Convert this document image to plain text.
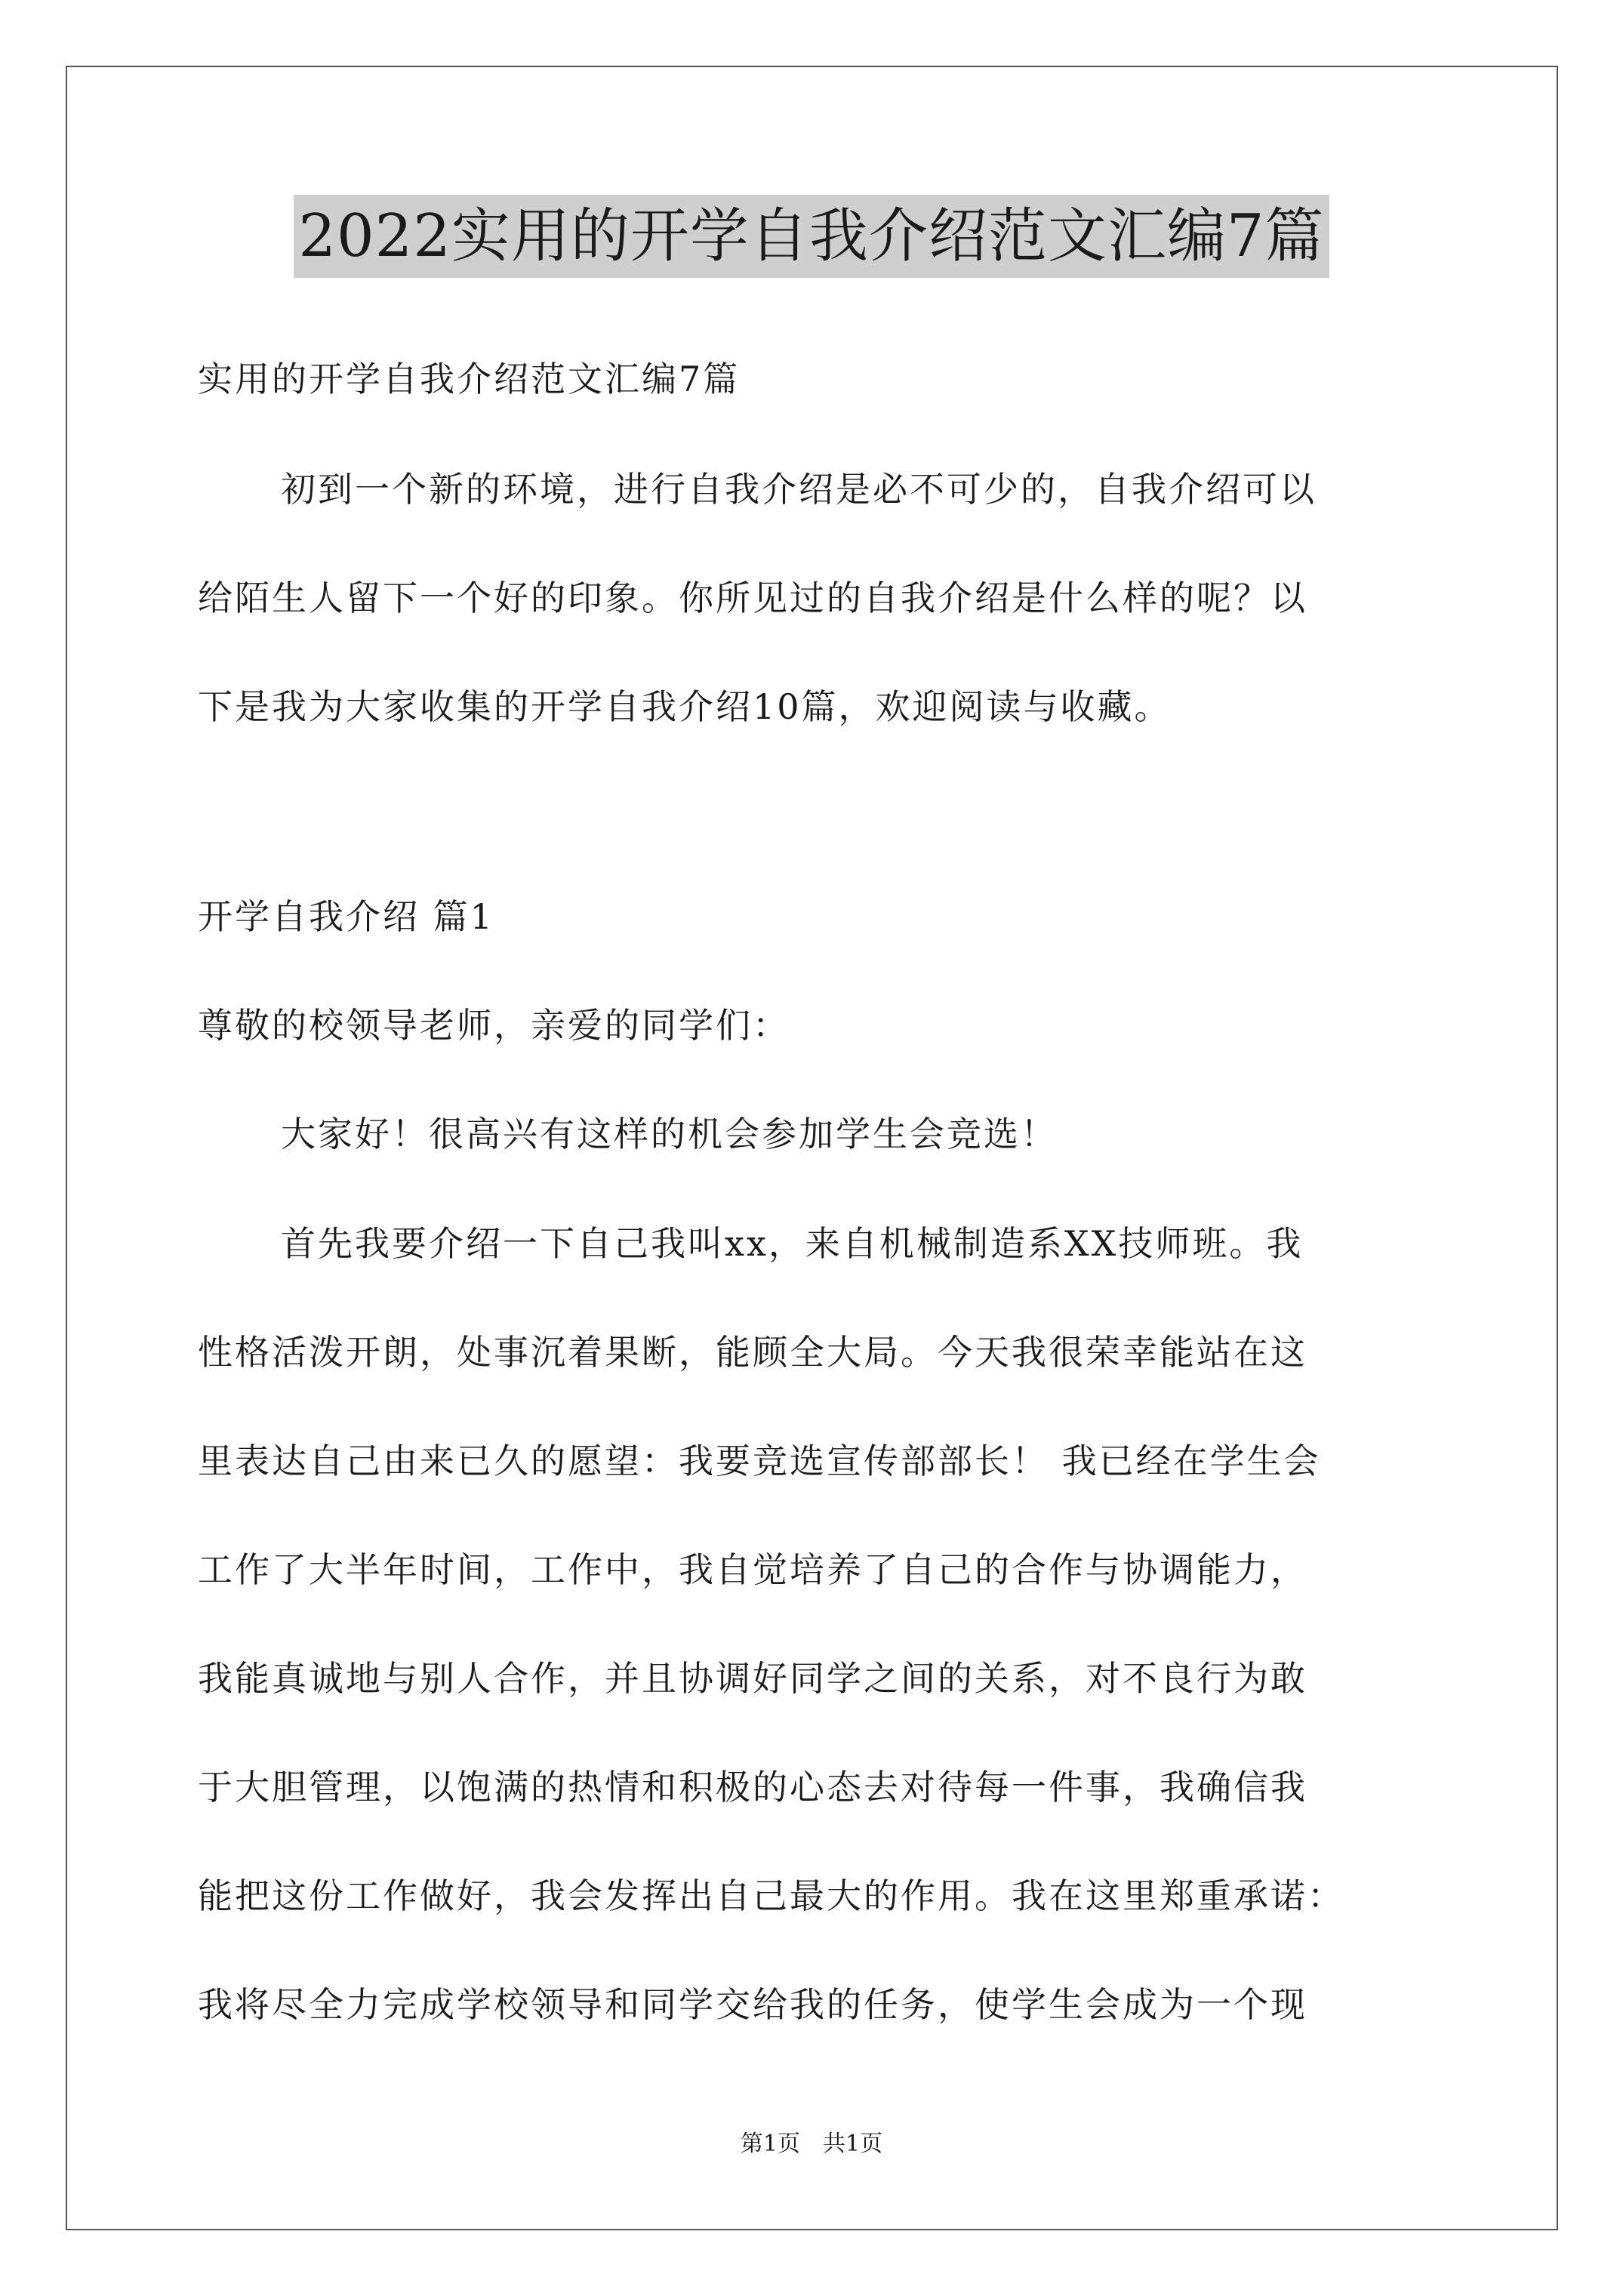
2022实用的开学自我介绍范文汇编7篇
实用的开学自我介绍范文汇编7篇
初到一个新的环境，进行自我介绍是必不可少的，自我介绍可以
给陌生人留下一个好的印象。你所见过的自我介绍是什么样的呢？以
下是我为大家收集的开学自我介绍10篇，欢迎阅读与收藏。
开学自我介绍 篇1
尊敬的校领导老师，亲爱的同学们：
大家好！很高兴有这样的机会参加学生会竞选！
首先我要介绍一下自己我叫xx，来自机械制造系XX技师班。我
性格活泼开朗，处事沉着果断，能顾全大局。今天我很荣幸能站在这
里表达自己由来已久的愿望：我要竞选宣传部部长！ 我已经在学生会
工作了大半年时间，工作中，我自觉培养了自己的合作与协调能力，
我能真诚地与别人合作，并且协调好同学之间的关系，对不良行为敢
于大胆管理，以饱满的热情和积极的心态去对待每一件事，我确信我
能把这份工作做好，我会发挥出自己最大的作用。我在这里郑重承诺：
我将尽全力完成学校领导和同学交给我的任务，使学生会成为一个现
第1页　共1页
